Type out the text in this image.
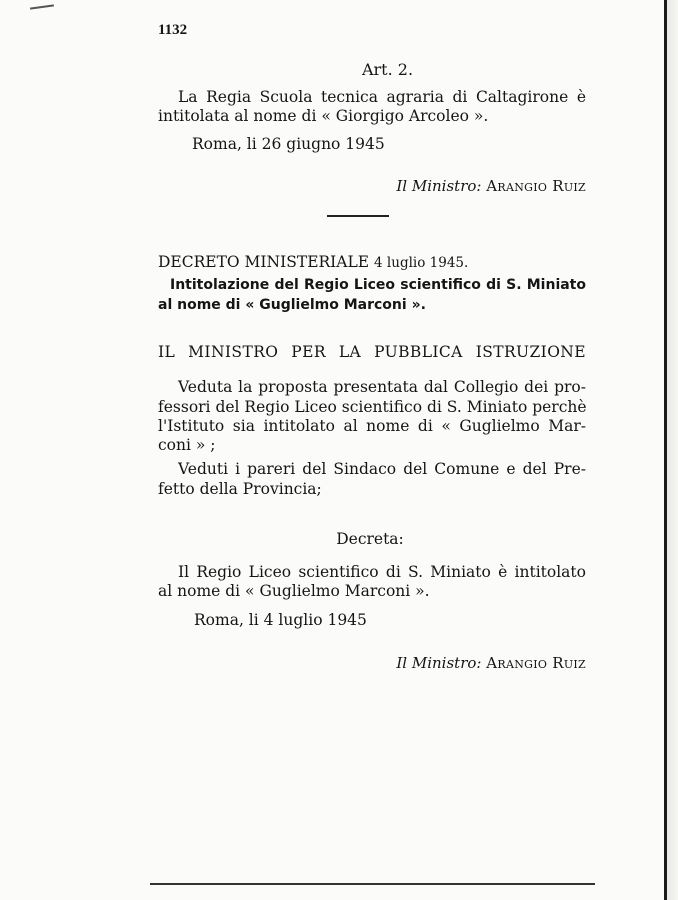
1132
Art. 2.
La Regia Scuola tecnica agraria di Caltagirone è
intitolata al nome di « Giorgigo Arcoleo ».
Roma, li 26 giugno 1945
Il Ministro: Arangio Ruiz
DECRETO MINISTERIALE 4 luglio 1945.
Intitolazione del Regio Liceo scientifico di S. Miniato
al nome di « Guglielmo Marconi ».
IL MINISTRO PER LA PUBBLICA ISTRUZIONE
Veduta la proposta presentata dal Collegio dei pro-
fessori del Regio Liceo scientifico di S. Miniato perchè
l'Istituto sia intitolato al nome di « Guglielmo Mar-
coni » ;
Veduti i pareri del Sindaco del Comune e del Pre-
fetto della Provincia;
Decreta:
Il Regio Liceo scientifico di S. Miniato è intitolato
al nome di « Guglielmo Marconi ».
Roma, li 4 luglio 1945
Il Ministro: Arangio Ruiz
